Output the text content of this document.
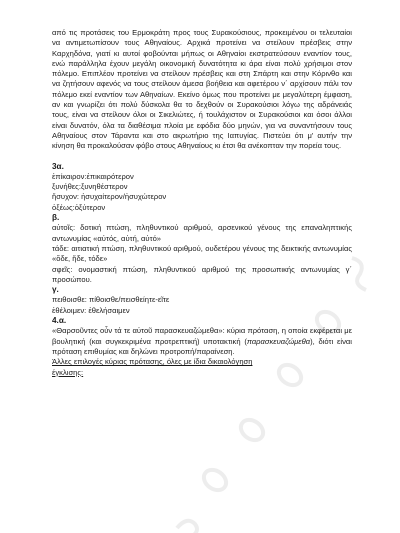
από τις προτάσεις του Ερμοκράτη προς τους Συρακούσιους, προκειμένου οι τελευταίοι να αντιμετωπίσουν τους Αθηναίους. Αρχικά προτείνει να στείλουν πρέσβεις στην Καρχηδόνα, γιατί κι αυτοί φοβούνται μήπως οι Αθηναίοι εκστρατεύσουν εναντίον τους, ενώ παράλληλα έχουν μεγάλη οικονομική δυνατότητα κι άρα είναι πολύ χρήσιμοι στον πόλεμο. Επιπλέον προτείνει να στείλουν πρέσβεις και στη Σπάρτη και στην Κόρινθο και να ζητήσουν αφενός να τους στείλουν άμεσα βοήθεια και αφετέρου ν΄ αρχίσουν πάλι τον πόλεμο εκεί εναντίον των Αθηναίων. Εκείνο όμως που προτείνει με μεγαλύτερη έμφαση, αν και γνωρίζει ότι πολύ δύσκολα θα το δεχθούν οι Συρακούσιοι λόγω της αδράνειάς τους, είναι να στείλουν όλοι οι Σικελιώτες, ή τουλάχιστον οι Συρακούσιοι και όσοι άλλοι είναι δυνατόν, όλα τα διαθέσιμα πλοία με εφόδια δύο μηνών, για να συναντήσουν τους Αθηναίους στον Τάραντα και στο ακρωτήριο της Ιαπυγίας. Πιστεύει ότι μ' αυτήν την κίνηση θα προκαλούσαν φόβο στους Αθηναίους κι έτσι θα ανέκοπταν την πορεία τους.

3α.

ἐπίκαιρον:ἐπικαιρότερον

ξυνήθες:ξυνηθέστερον

ἥσυχον: ἡσυχαίτερον/ἡσυχώτερον

ὀξέως:ὀξύτερον

β.

αὐτοῖς: δοτική πτώση, πληθυντικού αριθμού, αρσενικού γένους της επαναληπτικής αντωνυμίας «αὐτός, αὐτή, αὐτό»

τάδε: αιτιατική πτώση, πληθυντικού αριθμού, ουδετέρου γένους της δεικτικής αντωνυμίας «ὅδε, ἥδε, τόδε»

σφεῖς: ονομαστική πτώση, πληθυντικού αριθμού της προσωπικής αντωνυμίας γ΄ προσώπου.

γ.

πειθοισθε: πίθοισθε/πεισθείητε-εῖτε

ἐθέλοιμεν: ἐθελήσαιμεν

4.α.

«Θαρσοῦντες οὖν τά τε αὐτοῦ παρασκευαζώμεθα»: κύρια πρόταση, η οποία εκφέρεται με βουλητική (και συγκεκριμένα προτρεπτική) υποτακτική (παρασκευαζώμεθα), διότι είναι πρόταση επιθυμίας και δηλώνει προτροπή/παραίνεση.

Άλλες επιλογές κύριας πρότασης, όλες με ίδια δικαιολόγηση

έγκλισης:
